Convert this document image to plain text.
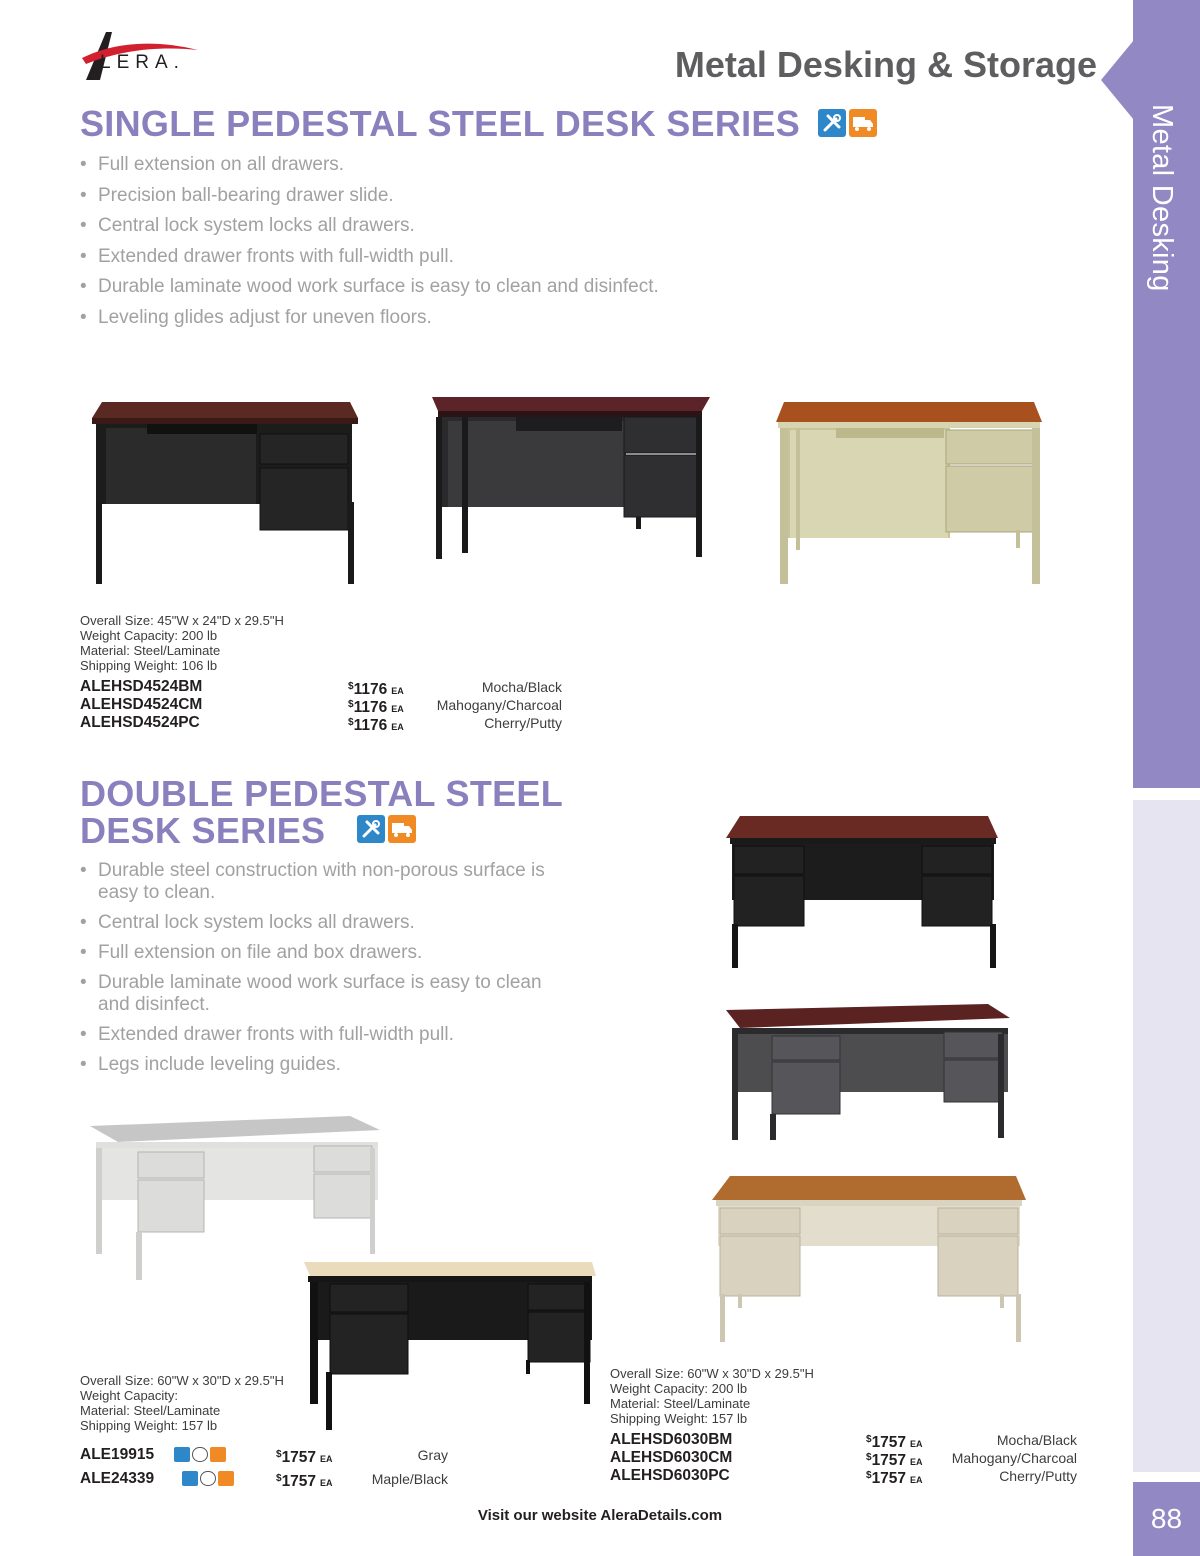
Metal Desking
88
LERA.	Metal Desking & Storage
SINGLE PEDESTAL STEEL DESK SERIES
• Full extension on all drawers.
• Precision ball-bearing drawer slide.
• Central lock system locks all drawers.
• Extended drawer fronts with full-width pull.
• Durable laminate wood work surface is easy to clean and disinfect.
• Leveling glides adjust for uneven floors.
Overall Size: 45"W x 24"D x 29.5"H
Weight Capacity: 200 lb
Material: Steel/Laminate
Shipping Weight: 106 lb
ALEHSD4524BM	$1176 EA	Mocha/Black
ALEHSD4524CM	$1176 EA Mahogany/Charcoal
ALEHSD4524PC	$1176 EA	Cherry/Putty
DOUBLE PEDESTAL STEEL
DESK SERIES
• Durable steel construction with non-porous surface is easy to clean.
• Central lock system locks all drawers.
• Full extension on file and box drawers.
• Durable laminate wood work surface is easy to clean and disinfect.
• Extended drawer fronts with full-width pull.
• Legs include leveling guides.
Overall Size: 60"W x 30"D x 29.5"H
Weight Capacity:
Material: Steel/Laminate
Shipping Weight: 157 lb
ALE19915	$1757 EA	Gray
ALE24339	$1757 EA	Maple/Black
Overall Size: 60"W x 30"D x 29.5"H
Weight Capacity: 200 lb
Material: Steel/Laminate
Shipping Weight: 157 lb
ALEHSD6030BM	$1757 EA	Mocha/Black
ALEHSD6030CM	$1757 EA Mahogany/Charcoal
ALEHSD6030PC	$1757 EA	Cherry/Putty
Visit our website AleraDetails.com
